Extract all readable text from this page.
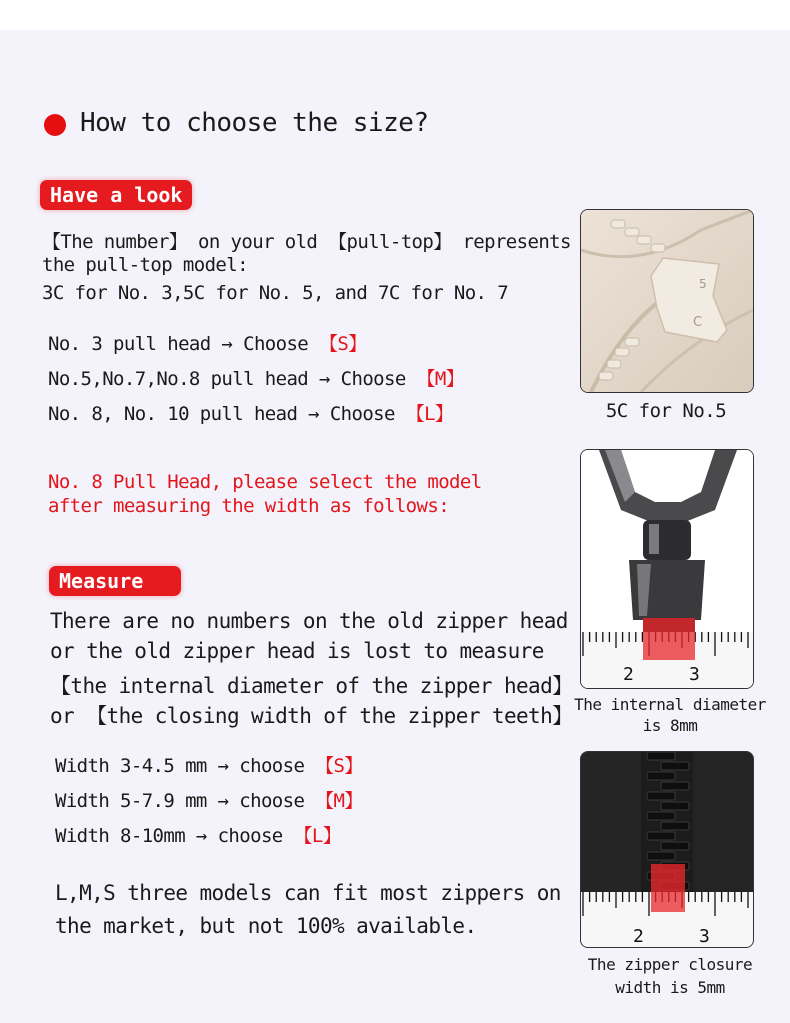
How to choose the size?
Have a look
【The number】 on your old 【pull-top】 represents
the pull-top model:
3C for No. 3,5C for No. 5, and 7C for No. 7
No. 3 pull head → Choose 【S】
No.5,No.7,No.8 pull head → Choose 【M】
No. 8, No. 10 pull head → Choose 【L】
No. 8 Pull Head, please select the model
after measuring the width as follows:
Measure
There are no numbers on the old zipper head
or the old zipper head is lost to measure
【the internal diameter of the zipper head】
or 【the closing width of the zipper teeth】
Width 3-4.5 mm → choose 【S】
Width 5-7.9 mm → choose 【M】
Width 8-10mm → choose 【L】
L,M,S three models can fit most zippers on
the market, but not 100% available.
5
C
5C for No.5
2	3
The internal diameter
is 8mm
2	3
The zipper closure
width is 5mm
